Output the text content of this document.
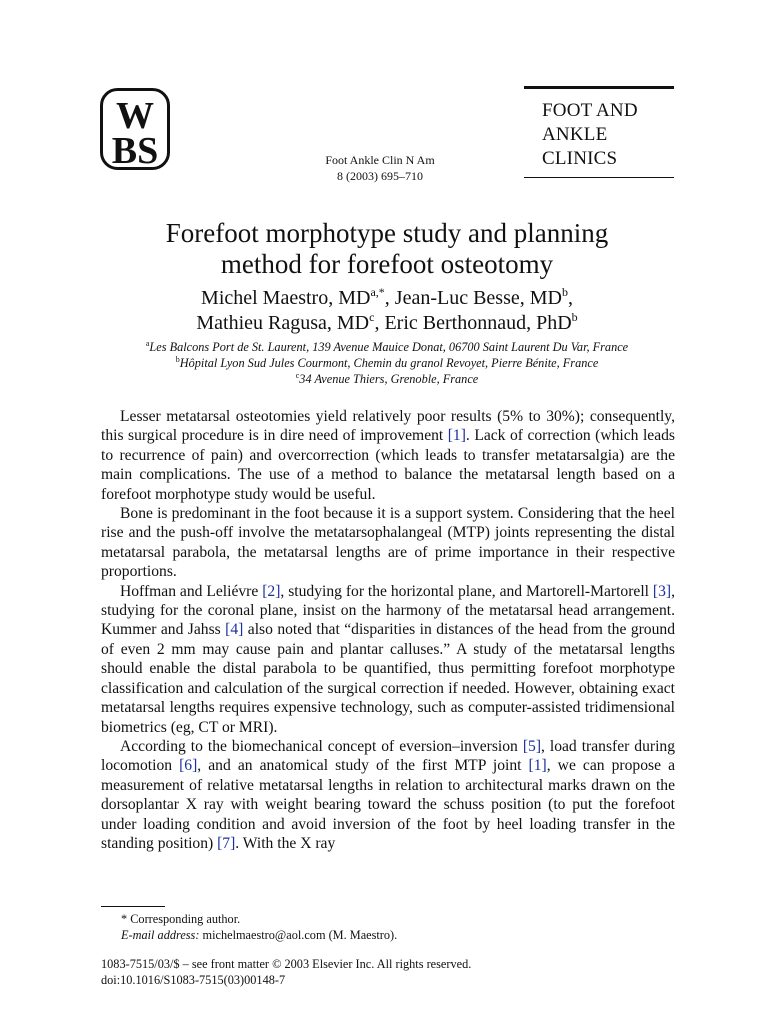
W
BS	Foot Ankle Clin N Am
8 (2003) 695–710
FOOT AND
ANKLE
CLINICS
Forefoot morphotype study and planning
method for forefoot osteotomy
Michel Maestro, $MD^{a,*}$, Jean-Luc Besse, $MD^b$,
Mathieu Ragusa, $MD^c$, Eric Berthonnaud, PhD$^b$
$^a$Les Balcons Port de St. Laurent, 139 Avenue Mauice Donat, 06700 Saint Laurent Du Var, France
$^b$Hôpital Lyon Sud Jules Courmont, Chemin du granol Revoyet, Pierre Bénite, France
$^c$34 Avenue Thiers, Grenoble, France

Lesser metatarsal osteotomies yield relatively poor results (5% to 30%); consequently, this surgical procedure is in dire need of improvement [1]. Lack of correction (which leads to recurrence of pain) and overcorrection (which leads to transfer metatarsalgia) are the main complications. The use of a method to balance the metatarsal length based on a forefoot morphotype study would be useful.

Bone is predominant in the foot because it is a support system. Considering that the heel rise and the push-off involve the metatarsophalangeal (MTP) joints representing the distal metatarsal parabola, the metatarsal lengths are of prime importance in their respective proportions.

Hoffman and Leliévre [2], studying for the horizontal plane, and Martorell-Martorell [3], studying for the coronal plane, insist on the harmony of the metatarsal head arrangement. Kummer and Jahss [4] also noted that “disparities in distances of the head from the ground of even 2 mm may cause pain and plantar calluses.” A study of the metatarsal lengths should enable the distal parabola to be quantified, thus permitting forefoot morphotype classification and calculation of the surgical correction if needed. However, obtaining exact metatarsal lengths requires expensive technology, such as computer-assisted tridimensional biometrics (eg, CT or MRI).

According to the biomechanical concept of eversion–inversion [5], load transfer during locomotion [6], and an anatomical study of the first MTP joint [1], we can propose a measurement of relative metatarsal lengths in relation to architectural marks drawn on the dorsoplantar X ray with weight bearing toward the schuss position (to put the forefoot under loading condition and avoid inversion of the foot by heel loading transfer in the standing position) [7]. With the X ray

* Corresponding author.
E-mail address: michelmaestro@aol.com (M. Maestro).
1083-7515/03/$ – see front matter © 2003 Elsevier Inc. All rights reserved.
doi:10.1016/S1083-7515(03)00148-7
